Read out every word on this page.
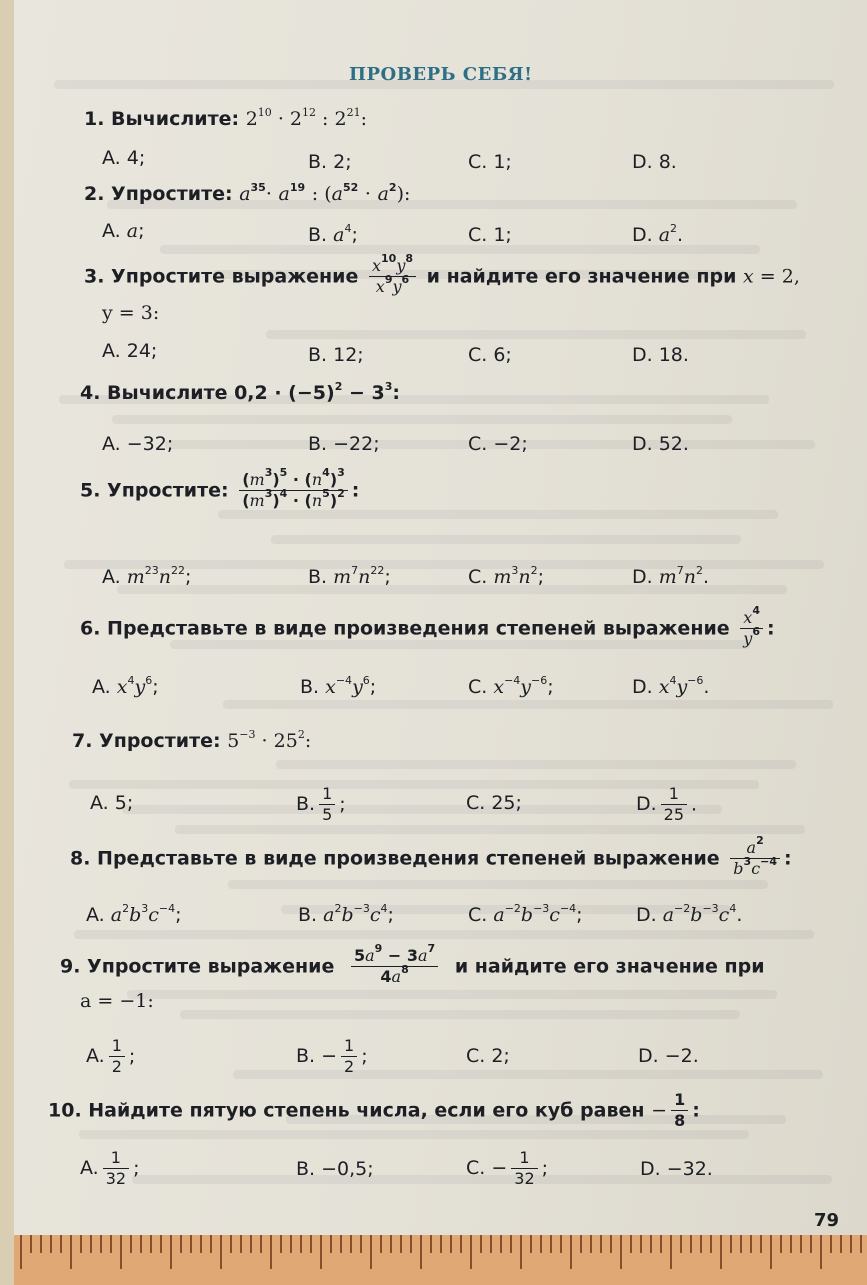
ПРОВЕРЬ СЕБЯ!
1. Вычислите: $2^{10} \cdot 2^{12}$ : $2^{21}$:
A. 4;	B. 2;	C. 1;	D. 8.
2. Упростите: $a^{35}\cdot a^{19}$ : $(a^{52} \cdot a^2)$:
A. a;	B. $a^4$;	C. 1;	D. $a^2$.
3. Упростите выражение $\frac{x^{10}y^8}{x^9y^6}$ и найдите его значение при x = 2,
y = 3:
A. 24;	B. 12;	C. 6;	D. 18.
4. Вычислите $0,2 \cdot (-5)^2 - 3^3$:
A. −32;	B. −22;	C. −2;	D. 52.
5. Упростите: $\frac{(m^3)^5 \cdot (n^4)^3}{(m^3)^4 \cdot (n^5)^2}$ :
A. $m^{23}n^{22}$;	B. $m^7n^{22}$;	C. $m^3n^2$;	D. $m^7n^2$.
6. Представьте в виде произведения степеней выражение $\frac{x^4}{y^6}$ :
A. $x^4y^6$;	B. $x^{-4}y^6$;	C. $x^{-4}y^{-6}$;	D. $x^4y^{-6}$.
7. Упростите: $5^{-3} \cdot 25^2$:
A. 5;	B. $\frac{1}{5}$ ;	C. 25;	D. $\frac{1}{25}$ .
8. Представьте в виде произведения степеней выражение $\frac{a^2}{b^3c^{-4}}$ :
A. $a^2b^3c^{-4}$;	B. $a^2b^{-3}c^4$;	C. $a^{-2}b^{-3}c^{-4}$;	D. $a^{-2}b^{-3}c^4$.
9. Упростите выражение $\frac{5a^9 - 3a^7}{4a^8}$ и найдите его значение при
a = −1:
A. $\frac{1}{2}$ ;	B. − $\frac{1}{2}$ ;	C. 2;	D. −2.
10. Найдите пятую степень числа, если его куб равен − $\frac{1}{8}$ :
A. $\frac{1}{32}$ ;	B. −0,5;	C. − $\frac{1}{32}$ ;	D. −32.
79
